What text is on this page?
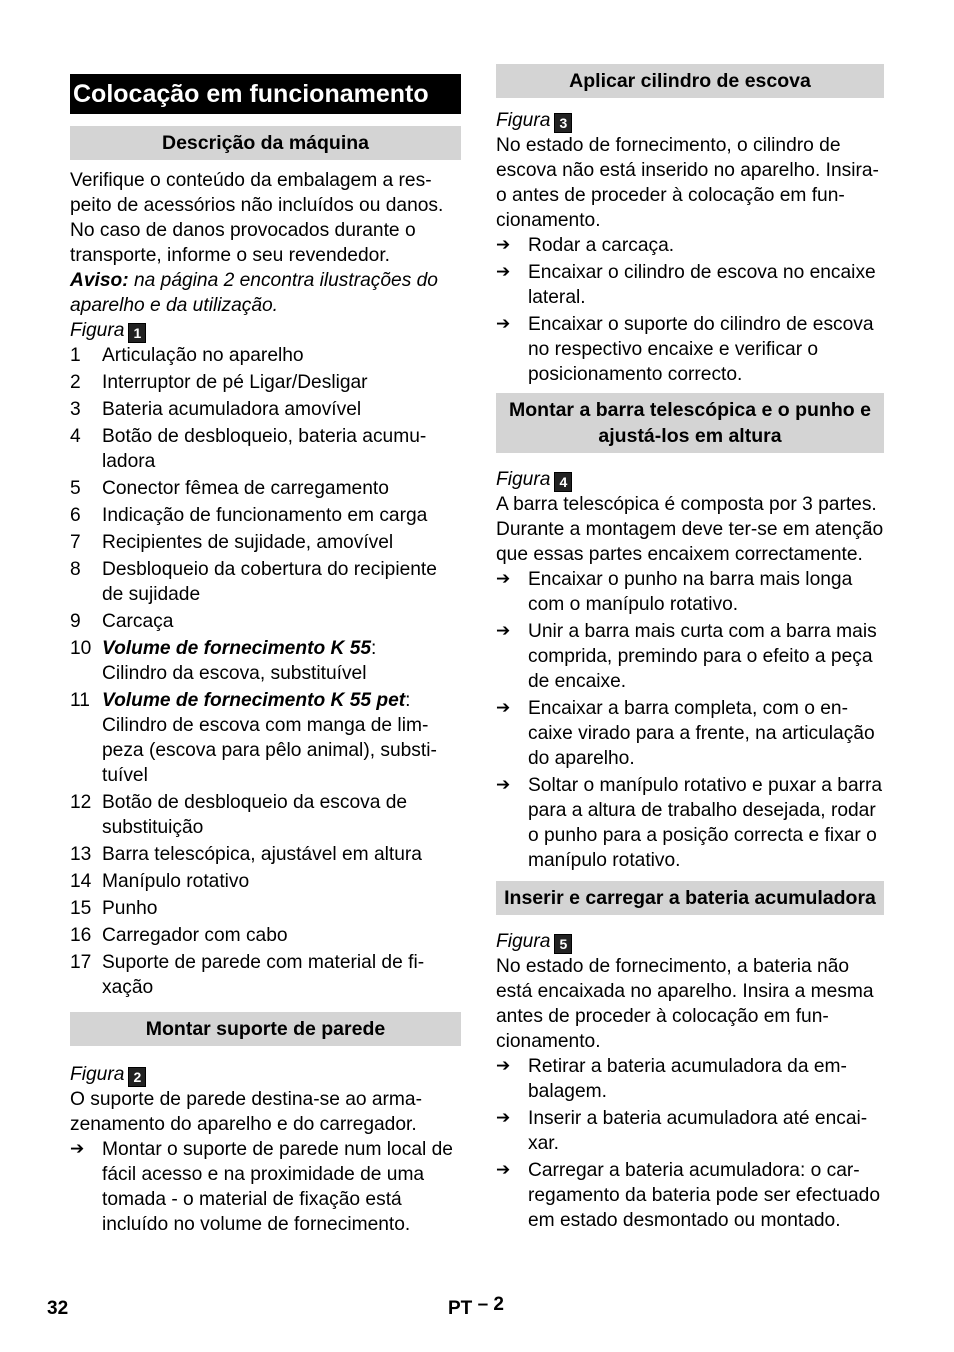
Colocação em funcionamento
Descrição da máquina

Verifique o conteúdo da embalagem a respeito de acessórios não incluídos ou danos. No caso de danos provocados durante o transporte, informe o seu revendedor.

Aviso: na página 2 encontra ilustrações do aparelho e da utilização.

Figura 1

1	Articulação no aparelho
2	Interruptor de pé Ligar/Desligar
3	Bateria acumuladora amovível
4	Botão de desbloqueio, bateria acumuladora
5	Conector fêmea de carregamento
6	Indicação de funcionamento em carga
7	Recipientes de sujidade, amovível
8	Desbloqueio da cobertura do recipiente de sujidade
9	Carcaça
10 Volume de fornecimento K 55:
Cilindro da escova, substituível
11 Volume de fornecimento K 55 pet:
Cilindro de escova com manga de limpeza (escova para pêlo animal), substituível
12 Botão de desbloqueio da escova de substituição
13 Barra telescópica, ajustável em altura
14 Manípulo rotativo
15 Punho
16 Carregador com cabo
17 Suporte de parede com material de fixação
Montar suporte de parede

Figura 2

O suporte de parede destina-se ao armazenamento do aparelho e do carregador.

➔ Montar o suporte de parede num local de fácil acesso e na proximidade de uma tomada - o material de fixação está incluído no volume de fornecimento.
Aplicar cilindro de escova

Figura 3

No estado de fornecimento, o cilindro de escova não está inserido no aparelho. Insira-o antes de proceder à colocação em funcionamento.

➔ Rodar a carcaça.
➔ Encaixar o cilindro de escova no encaixe lateral.
➔ Encaixar o suporte do cilindro de escova no respectivo encaixe e verificar o posicionamento correcto.
Montar a barra telescópica e o punho e ajustá-los em altura

Figura 4

A barra telescópica é composta por 3 partes. Durante a montagem deve ter-se em atenção que essas partes encaixem correctamente.

➔ Encaixar o punho na barra mais longa com o manípulo rotativo.
➔ Unir a barra mais curta com a barra mais comprida, premindo para o efeito a peça de encaixe.
➔ Encaixar a barra completa, com o encaixe virado para a frente, na articulação do aparelho.
➔ Soltar o manípulo rotativo e puxar a barra para a altura de trabalho desejada, rodar o punho para a posição correcta e fixar o manípulo rotativo.
Inserir e carregar a bateria acumuladora

Figura 5

No estado de fornecimento, a bateria não está encaixada no aparelho. Insira a mesma antes de proceder à colocação em funcionamento.

➔ Retirar a bateria acumuladora da embalagem.
➔ Inserir a bateria acumuladora até encaixar.
➔ Carregar a bateria acumuladora: o carregamento da bateria pode ser efectuado em estado desmontado ou montado.
32	PT – 2
